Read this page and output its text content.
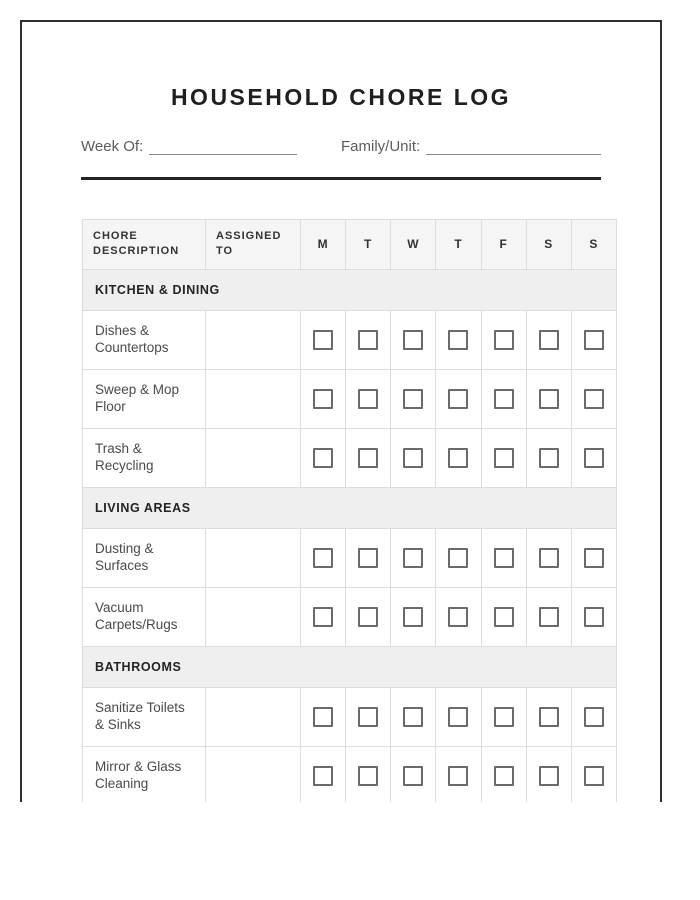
HOUSEHOLD CHORE LOG
Week Of:	Family/Unit:
CHORE DESCRIPTION	ASSIGNED TO	M	T	W	T	F	S	S
KITCHEN & DINING								
Dishes & Countertops								
Sweep & Mop Floor								
Trash & Recycling								
LIVING AREAS								
Dusting & Surfaces								
Vacuum Carpets/Rugs								
BATHROOMS								
Sanitize Toilets & Sinks								
Mirror & Glass Cleaning								
